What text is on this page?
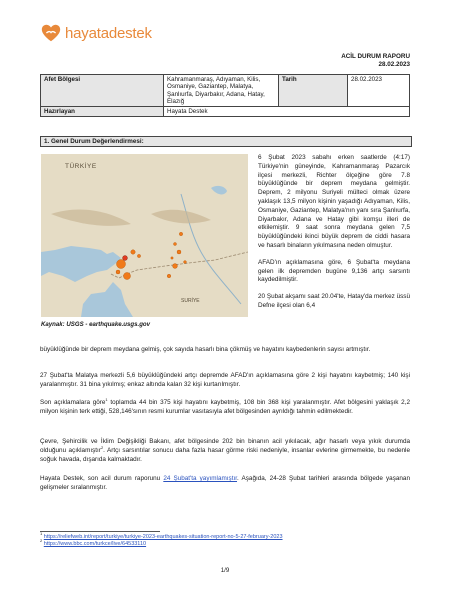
hayatadestek
ACİL DURUM RAPORU
28.02.2023
Afet Bölgesi	Kahramanmaraş, Adıyaman, Kilis, Osmaniye, Gaziantep, Malatya, Şanlıurfa, Diyarbakır, Adana, Hatay, Elazığ	Tarih	28.02.2023
Hazırlayan	Hayata Destek		
1. Genel Durum Değerlendirmesi:
TÜRKİYE
SURİYE
Kaynak: USGS - earthquake.usgs.gov

6 Şubat 2023 sabahı erken saatlerde (4:17) Türkiye'nin güneyinde, Kahramanmaraş Pazarcık ilçesi merkezli, Richter ölçeğine göre 7.8 büyüklüğünde bir deprem meydana gelmiştir. Deprem, 2 milyonu Suriyeli mülteci olmak üzere yaklaşık 13,5 milyon kişinin yaşadığı Adıyaman, Kilis, Osmaniye, Gaziantep, Malatya'nın yanı sıra Şanlıurfa, Diyarbakır, Adana ve Hatay gibi komşu illeri de etkilemiştir. 9 saat sonra meydana gelen 7,5 büyüklüğündeki ikinci büyük deprem de ciddi hasara ve hasarlı binaların yıkılmasına neden olmuştur.

AFAD'ın açıklamasına göre, 6 Şubat'ta meydana gelen ilk depremden bugüne 9,136 artçı sarsıntı kaydedilmiştir.

20 Şubat akşamı saat 20.04'te, Hatay'da merkez üssü Defne ilçesi olan 6,4

büyüklüğünde bir deprem meydana gelmiş, çok sayıda hasarlı bina çökmüş ve hayatını kaybedenlerin sayısı artmıştır.

27 Şubat'ta Malatya merkezli 5,6 büyüklüğündeki artçı depremde AFAD'ın açıklamasına göre 2 kişi hayatını kaybetmiş; 140 kişi yaralanmıştır. 31 bina yıkılmış; enkaz altında kalan 32 kişi kurtarılmıştır.

Son açıklamalara göre$^1$ toplamda 44 bin 375 kişi hayatını kaybetmiş, 108 bin 368 kişi yaralanmıştır. Afet bölgesini yaklaşık 2,2 milyon kişinin terk ettiği, 528,146'sının resmi kurumlar vasıtasıyla afet bölgesinden ayrıldığı tahmin edilmektedir.

Çevre, Şehircilik ve İklim Değişikliği Bakanı, afet bölgesinde 202 bin binanın acil yıkılacak, ağır hasarlı veya yıkık durumda olduğunu açıklamıştır$^2$. Artçı sarsıntılar sonucu daha fazla hasar görme riski nedeniyle, insanlar evlerine girmemekte, bu nedenle soğuk havada, dışarıda kalmaktadır.

Hayata Destek, son acil durum raporunu 24 Şubat'ta yayımlamıştır. Aşağıda, 24-28 Şubat tarihleri arasında bölgede yaşanan gelişmeler sıralanmıştır.

$^1$ https://reliefweb.int/report/turkiye/turkiye-2023-earthquakes-situation-report-no-5-27-february-2023
$^2$ https://www.bbc.com/turkce/live/64533110
1/9
